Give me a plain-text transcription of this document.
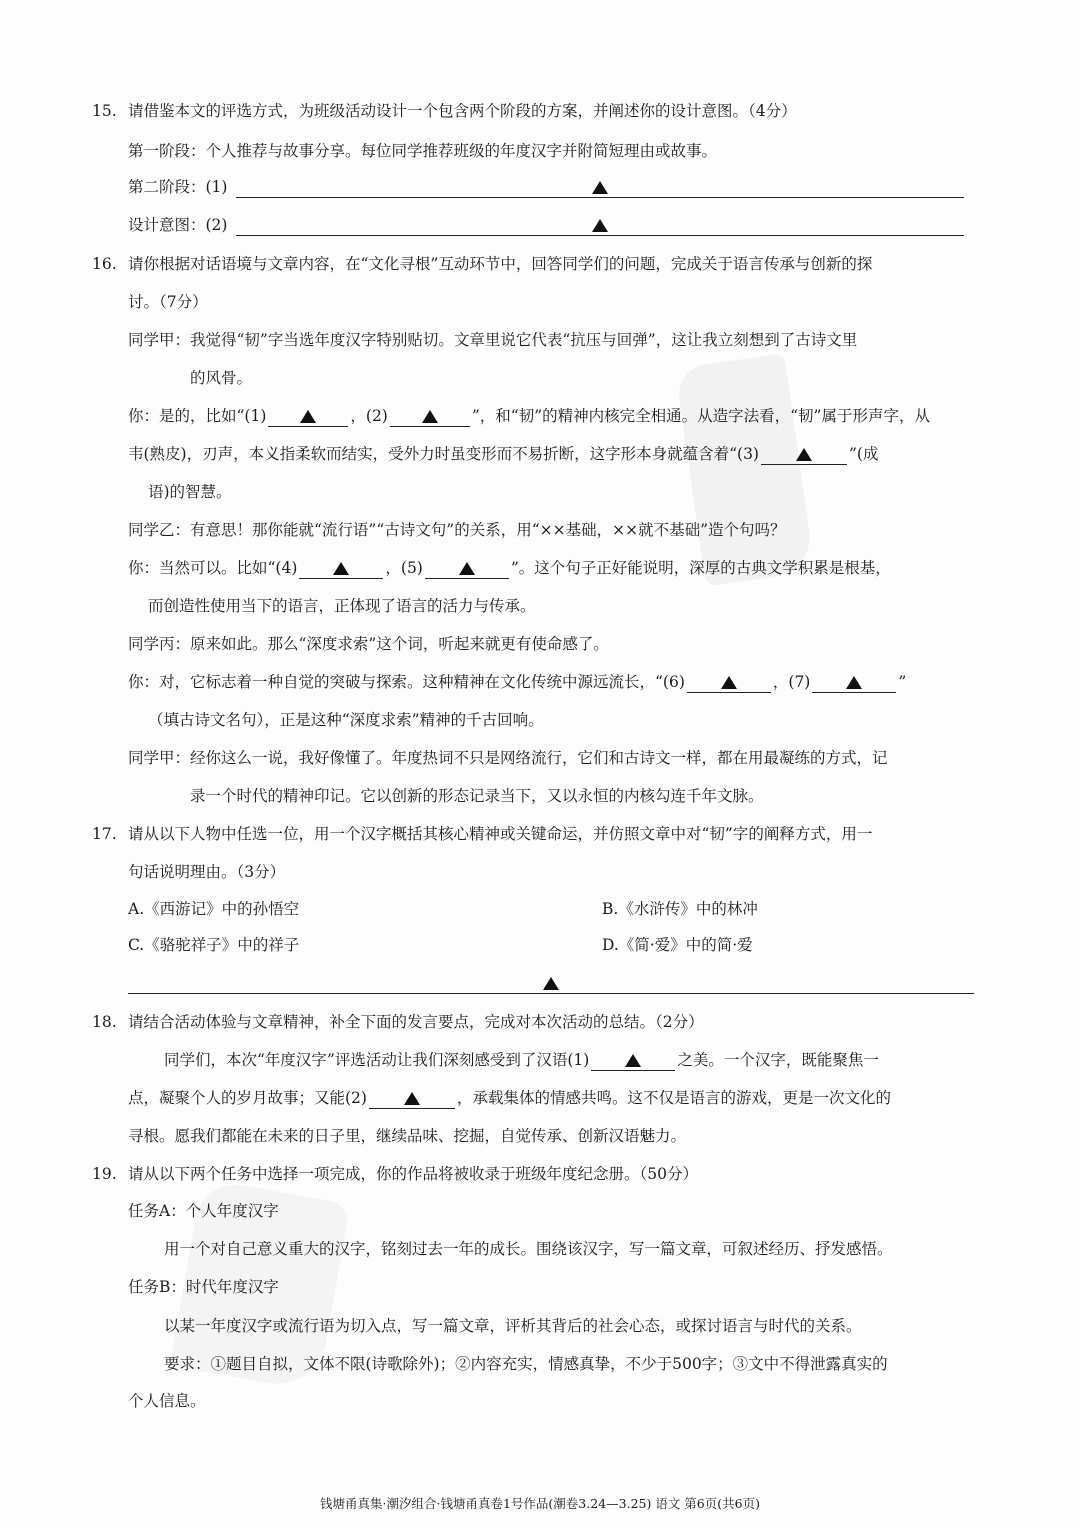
15. 请借鉴本文的评选方式，为班级活动设计一个包含两个阶段的方案，并阐述你的设计意图。（4分）
第一阶段：个人推荐与故事分享。每位同学推荐班级的年度汉字并附简短理由或故事。
第二阶段：(1)
设计意图：(2)
16. 请你根据对话语境与文章内容，在“文化寻根”互动环节中，回答同学们的问题，完成关于语言传承与创新的探
讨。（7分）
同学甲：我觉得“韧”字当选年度汉字特别贴切。文章里说它代表“抗压与回弹”，这让我立刻想到了古诗文里
的风骨。
你：是的，比如“(1)	，(2)	”，和“韧”的精神内核完全相通。从造字法看，“韧”属于形声字，从
韦(熟皮)，刃声，本义指柔软而结实，受外力时虽变形而不易折断，这字形本身就蕴含着“(3)	”(成
语)的智慧。
同学乙：有意思！那你能就“流行语”“古诗文句”的关系，用“××基础，××就不基础”造个句吗？
你：当然可以。比如“(4)	，(5)	”。这个句子正好能说明，深厚的古典文学积累是根基，
而创造性使用当下的语言，正体现了语言的活力与传承。
同学丙：原来如此。那么“深度求索”这个词，听起来就更有使命感了。
你：对，它标志着一种自觉的突破与探索。这种精神在文化传统中源远流长，“(6)	，(7)	”
（填古诗文名句），正是这种“深度求索”精神的千古回响。
同学甲：经你这么一说，我好像懂了。年度热词不只是网络流行，它们和古诗文一样，都在用最凝练的方式，记
录一个时代的精神印记。它以创新的形态记录当下，又以永恒的内核勾连千年文脉。
17. 请从以下人物中任选一位，用一个汉字概括其核心精神或关键命运，并仿照文章中对“韧”字的阐释方式，用一
句话说明理由。（3分）
A.《西游记》中的孙悟空	B.《水浒传》中的林冲
C.《骆驼祥子》中的祥子	D.《简·爱》中的简·爱
18. 请结合活动体验与文章精神，补全下面的发言要点，完成对本次活动的总结。（2分）
同学们，本次“年度汉字”评选活动让我们深刻感受到了汉语(1)	之美。一个汉字，既能聚焦一
点，凝聚个人的岁月故事；又能(2)	，承载集体的情感共鸣。这不仅是语言的游戏，更是一次文化的
寻根。愿我们都能在未来的日子里，继续品味、挖掘，自觉传承、创新汉语魅力。
19. 请从以下两个任务中选择一项完成，你的作品将被收录于班级年度纪念册。（50分）
任务A：个人年度汉字
用一个对自己意义重大的汉字，铭刻过去一年的成长。围绕该汉字，写一篇文章，可叙述经历、抒发感悟。
任务B：时代年度汉字
以某一年度汉字或流行语为切入点，写一篇文章，评析其背后的社会心态，或探讨语言与时代的关系。
要求：①题目自拟，文体不限(诗歌除外)；②内容充实，情感真挚，不少于500字；③文中不得泄露真实的
个人信息。
钱塘甬真集·潮汐组合·钱塘甬真卷1号作品(潮卷3.24—3.25) 语文 第6页(共6页)
